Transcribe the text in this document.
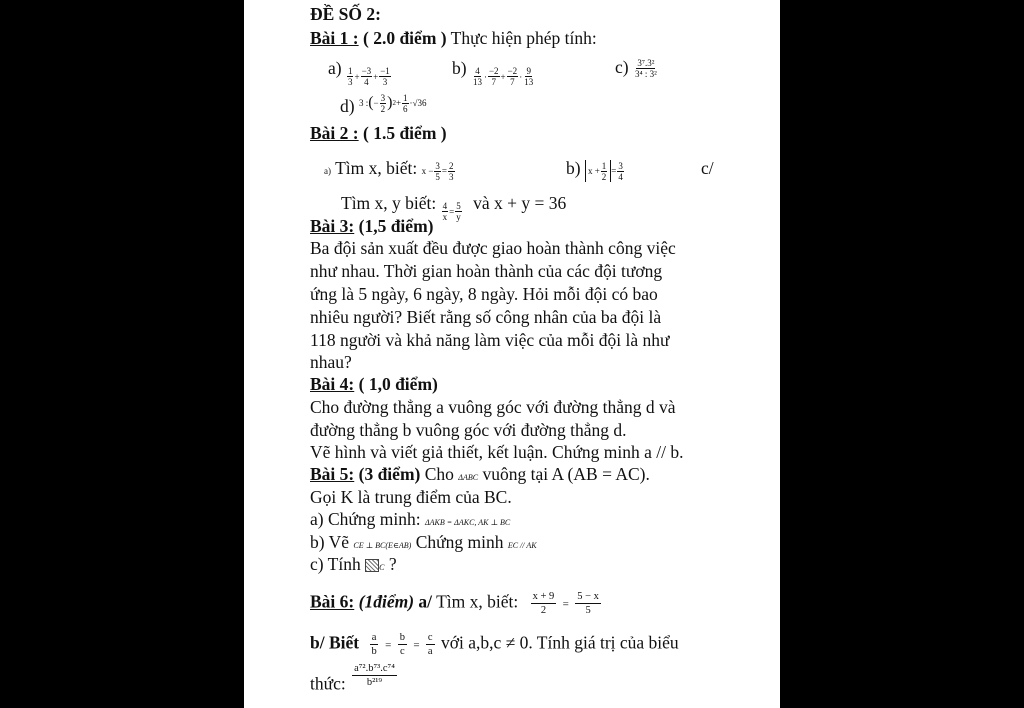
ĐỀ SỐ 2:
Bài 1 : ( 2.0 điểm ) Thực hiện phép tính:
$a) \frac{1}{3} + \frac{-3}{4} + \frac{-1}{3}$	$b) \frac{4}{13} \cdot \frac{-2}{7} + \frac{-2}{7} \cdot \frac{9}{13}$	$c) \frac{\text{3⁷.3²}}{\text{3⁴ : 3²}}$
d) 3 : ( − $\frac{3}{2}$ ) $2 + \frac{1}{6} \cdot√36$
Bài 2 : ( 1.5 điểm )
a) Tìm x, biết: $x - \frac{3}{5} = \frac{2}{3}$	b) $x + \frac{1}{2} = \frac{3}{4}$	c/
Tìm x, y biết: $\frac{4}{x} = \frac{5}{y}$ và x + y = 36
Bài 3: (1,5 điểm)
Ba đội sản xuất đều được giao hoàn thành công việc
như nhau. Thời gian hoàn thành của các đội tương
ứng là 5 ngày, 6 ngày, 8 ngày. Hỏi mỗi đội có bao
nhiêu người? Biết rằng số công nhân của ba đội là
118 người và khả năng làm việc của mỗi đội là như
nhau?
Bài 4: ( 1,0 điểm)
Cho đường thẳng a vuông góc với đường thẳng d và
đường thẳng b vuông góc với đường thẳng d.
Vẽ hình và viết giả thiết, kết luận. Chứng minh a // b.
Bài 5: (3 điểm) Cho ΔABC vuông tại A (AB = AC).
Gọi K là trung điểm của BC.
a) Chứng minh: ΔAKB = ΔAKC, AK ⊥ BC
b) Vẽ CE ⊥ BC(E∈AB) Chứng minh EC // AK
c) Tính C ?
Bài 6: (1điểm) a/ Tìm x, biết: $\frac{x + 9}{2} = \frac{5 - x}{5}$
b/ Biết $\frac{a}{b} = \frac{b}{c} = \frac{c}{a}$ với a,b,c ≠ 0. Tính giá trị của biểu
thức: $\frac{\text{a⁷².b⁷³.c⁷⁴}}{\text{b²¹⁹}}$
